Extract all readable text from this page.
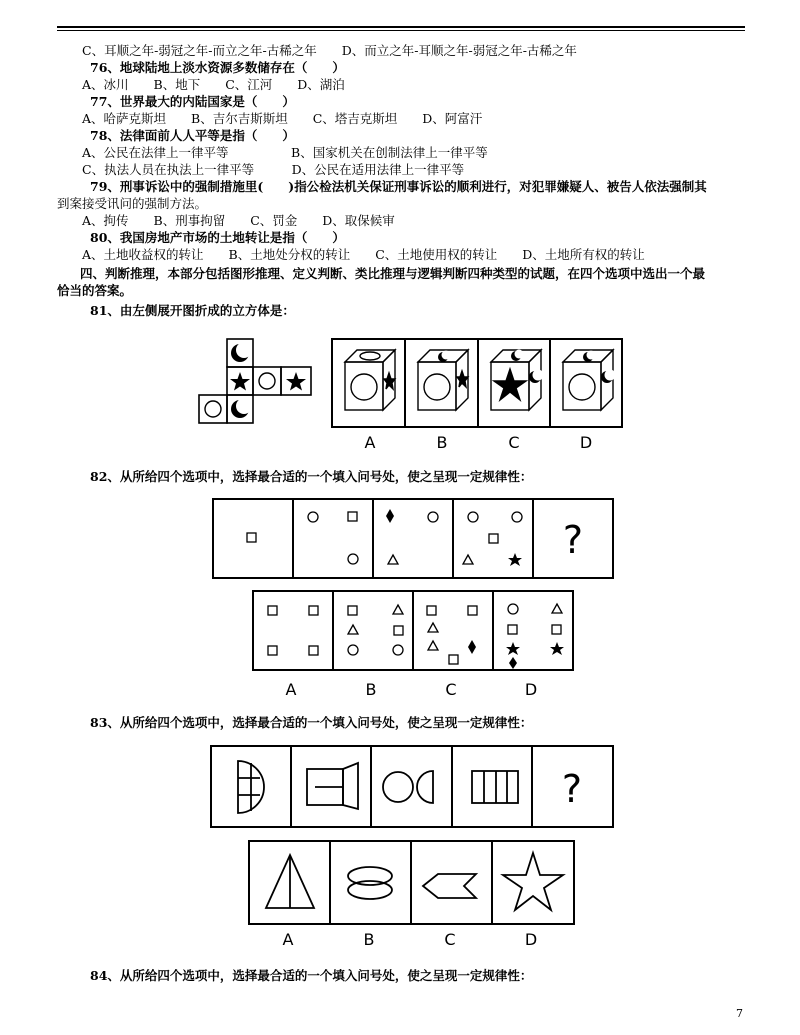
C、耳顺之年-弱冠之年-而立之年-古稀之年　　D、而立之年-耳顺之年-弱冠之年-古稀之年
76、地球陆地上淡水资源多数储存在（　　）
A、冰川　　B、地下　　C、江河　　D、湖泊
77、世界最大的内陆国家是（　　）
A、哈萨克斯坦　　B、吉尔吉斯斯坦　　C、塔吉克斯坦　　D、阿富汗
78、法律面前人人平等是指（　　）
A、公民在法律上一律平等　　　　　B、国家机关在创制法律上一律平等
C、执法人员在执法上一律平等　　　D、公民在适用法律上一律平等
79、刑事诉讼中的强制措施里(　　)指公检法机关保证刑事诉讼的顺利进行，对犯罪嫌疑人、被告人依法强制其
到案接受讯问的强制方法。
A、拘传　　B、刑事拘留　　C、罚金　　D、取保候审
80、我国房地产市场的土地转让是指（　　）
A、土地收益权的转让　　B、土地处分权的转让　　C、土地使用权的转让　　D、土地所有权的转让
四、判断推理，本部分包括图形推理、定义判断、类比推理与逻辑判断四种类型的试题，在四个选项中选出一个最
恰当的答案。
81、由左侧展开图折成的立方体是：
A	B	C	D
82、从所给四个选项中，选择最合适的一个填入问号处，使之呈现一定规律性：
?
A	B	C	D
83、从所给四个选项中，选择最合适的一个填入问号处，使之呈现一定规律性：
?
A	B	C	D
84、从所给四个选项中，选择最合适的一个填入问号处，使之呈现一定规律性：
7
